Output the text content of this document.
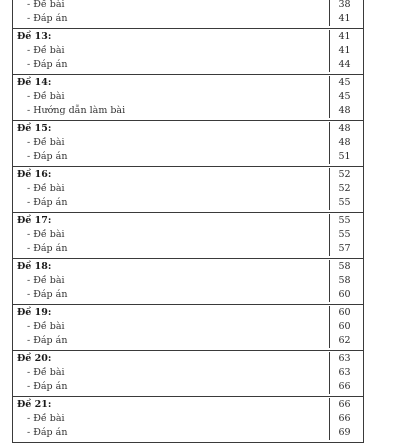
- Đề bài	38
- Đáp án	41
Đề 13:	41
- Đề bài	41
- Đáp án	44
Đề 14:	45
- Đề bài	45
- Hướng dẫn làm bài	48
Đề 15:	48
- Đề bài	48
- Đáp án	51
Đề 16:	52
- Đề bài	52
- Đáp án	55
Đề 17:	55
- Đề bài	55
- Đáp án	57
Đề 18:	58
- Đề bài	58
- Đáp án	60
Đề 19:	60
- Đề bài	60
- Đáp án	62
Đề 20:	63
- Đề bài	63
- Đáp án	66
Đề 21:	66
- Đề bài	66
- Đáp án	69
